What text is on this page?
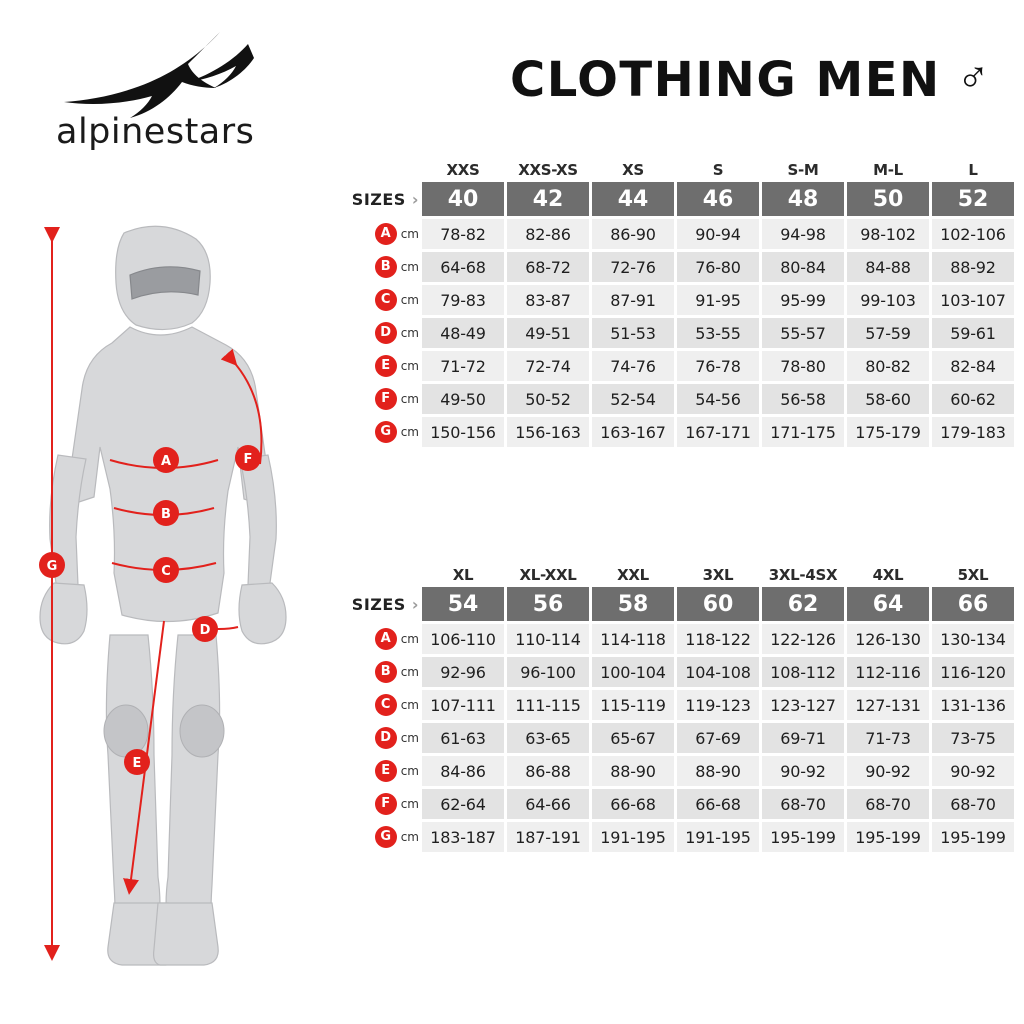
alpinestars
CLOTHING MEN ♂
A
B
C
D
E
F
G
	XXS	XXS-XS	XS	S	S-M	M-L	L
SIZES ›	40	42	44	46	48	50	52
A cm	78-82	82-86	86-90	90-94	94-98	98-102	102-106
B cm	64-68	68-72	72-76	76-80	80-84	84-88	88-92
C cm	79-83	83-87	87-91	91-95	95-99	99-103	103-107
D cm	48-49	49-51	51-53	53-55	55-57	57-59	59-61
E cm	71-72	72-74	74-76	76-78	78-80	80-82	82-84
F cm	49-50	50-52	52-54	54-56	56-58	58-60	60-62
G cm	150-156	156-163	163-167	167-171	171-175	175-179	179-183
	XL	XL-XXL	XXL	3XL	3XL-4SX	4XL	5XL
SIZES ›	54	56	58	60	62	64	66
A cm	106-110	110-114	114-118	118-122	122-126	126-130	130-134
B cm	92-96	96-100	100-104	104-108	108-112	112-116	116-120
C cm	107-111	111-115	115-119	119-123	123-127	127-131	131-136
D cm	61-63	63-65	65-67	67-69	69-71	71-73	73-75
E cm	84-86	86-88	88-90	88-90	90-92	90-92	90-92
F cm	62-64	64-66	66-68	66-68	68-70	68-70	68-70
G cm	183-187	187-191	191-195	191-195	195-199	195-199	195-199
